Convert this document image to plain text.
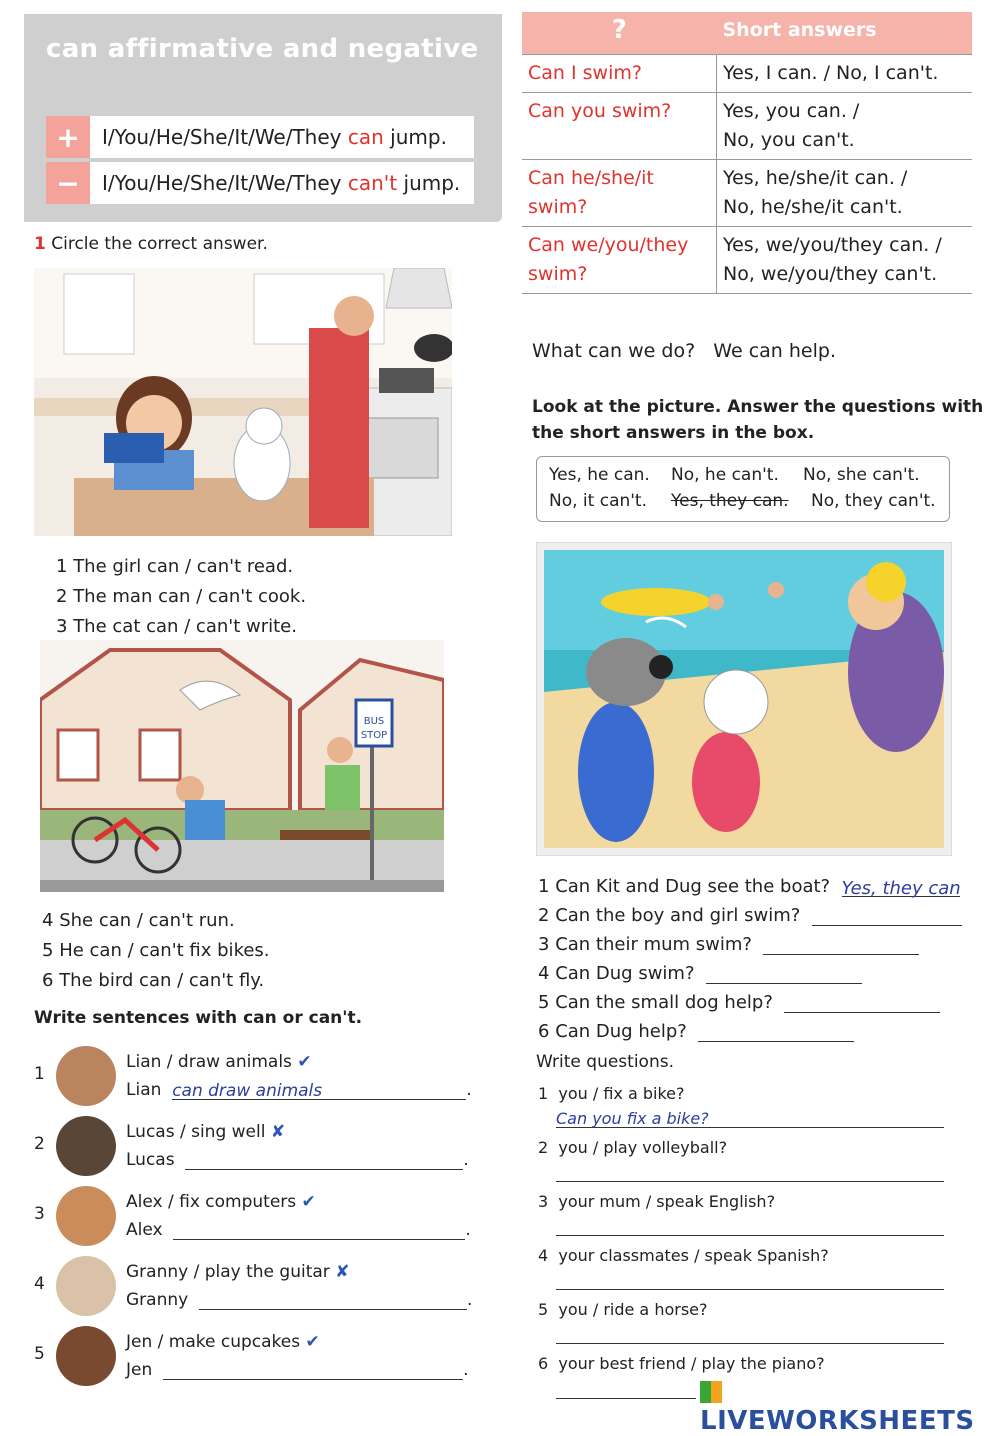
can affirmative and negative
+	I/You/He/She/It/We/They
can
jump.
−	I/You/He/She/It/We/They
can't
jump.
?	Short answers
Can I swim?	Yes, I can. / No, I can't.

Can you swim?	Yes, you can. /
No, you can't.

Can he/she/it swim?	Yes, he/she/it can. /
No, he/she/it can't.

Can we/you/they swim?	Yes, we/you/they can. /
No, we/you/they can't.
What can we do? We can help.
1 Circle the correct answer.
1 The girl can / can't read.
2 The man can / can't cook.
3 The cat can / can't write.
BUS
STOP
4 She can / can't run.
5 He can / can't fix bikes.
6 The bird can / can't fly.
Write sentences with can or can't.
1
Lian / draw animals ✔
Lian can draw animals	.
2
Lucas / sing well ✘
Lucas	.
3
Alex / fix computers ✔
Alex	.
4
Granny / play the guitar ✘
Granny	.
5
Jen / make cupcakes ✔
Jen	.
Look at the picture. Answer the questions with
the short answers in the box.
Yes, he can. No, he can't. No, she can't.
No, it can't. Yes, they can. No, they can't.
1 Can Kit and Dug see the boat? Yes, they can
2 Can the boy and girl swim?
3 Can their mum swim?
4 Can Dug swim?
5 Can the small dog help?
6 Can Dug help?
Write questions.
1 you / fix a bike?
Can you fix a bike?
2 you / play volleyball?
3 your mum / speak English?
4 your classmates / speak Spanish?
5 you / ride a horse?
6 your best friend / play the piano?
LIVEWORKSHEETS
